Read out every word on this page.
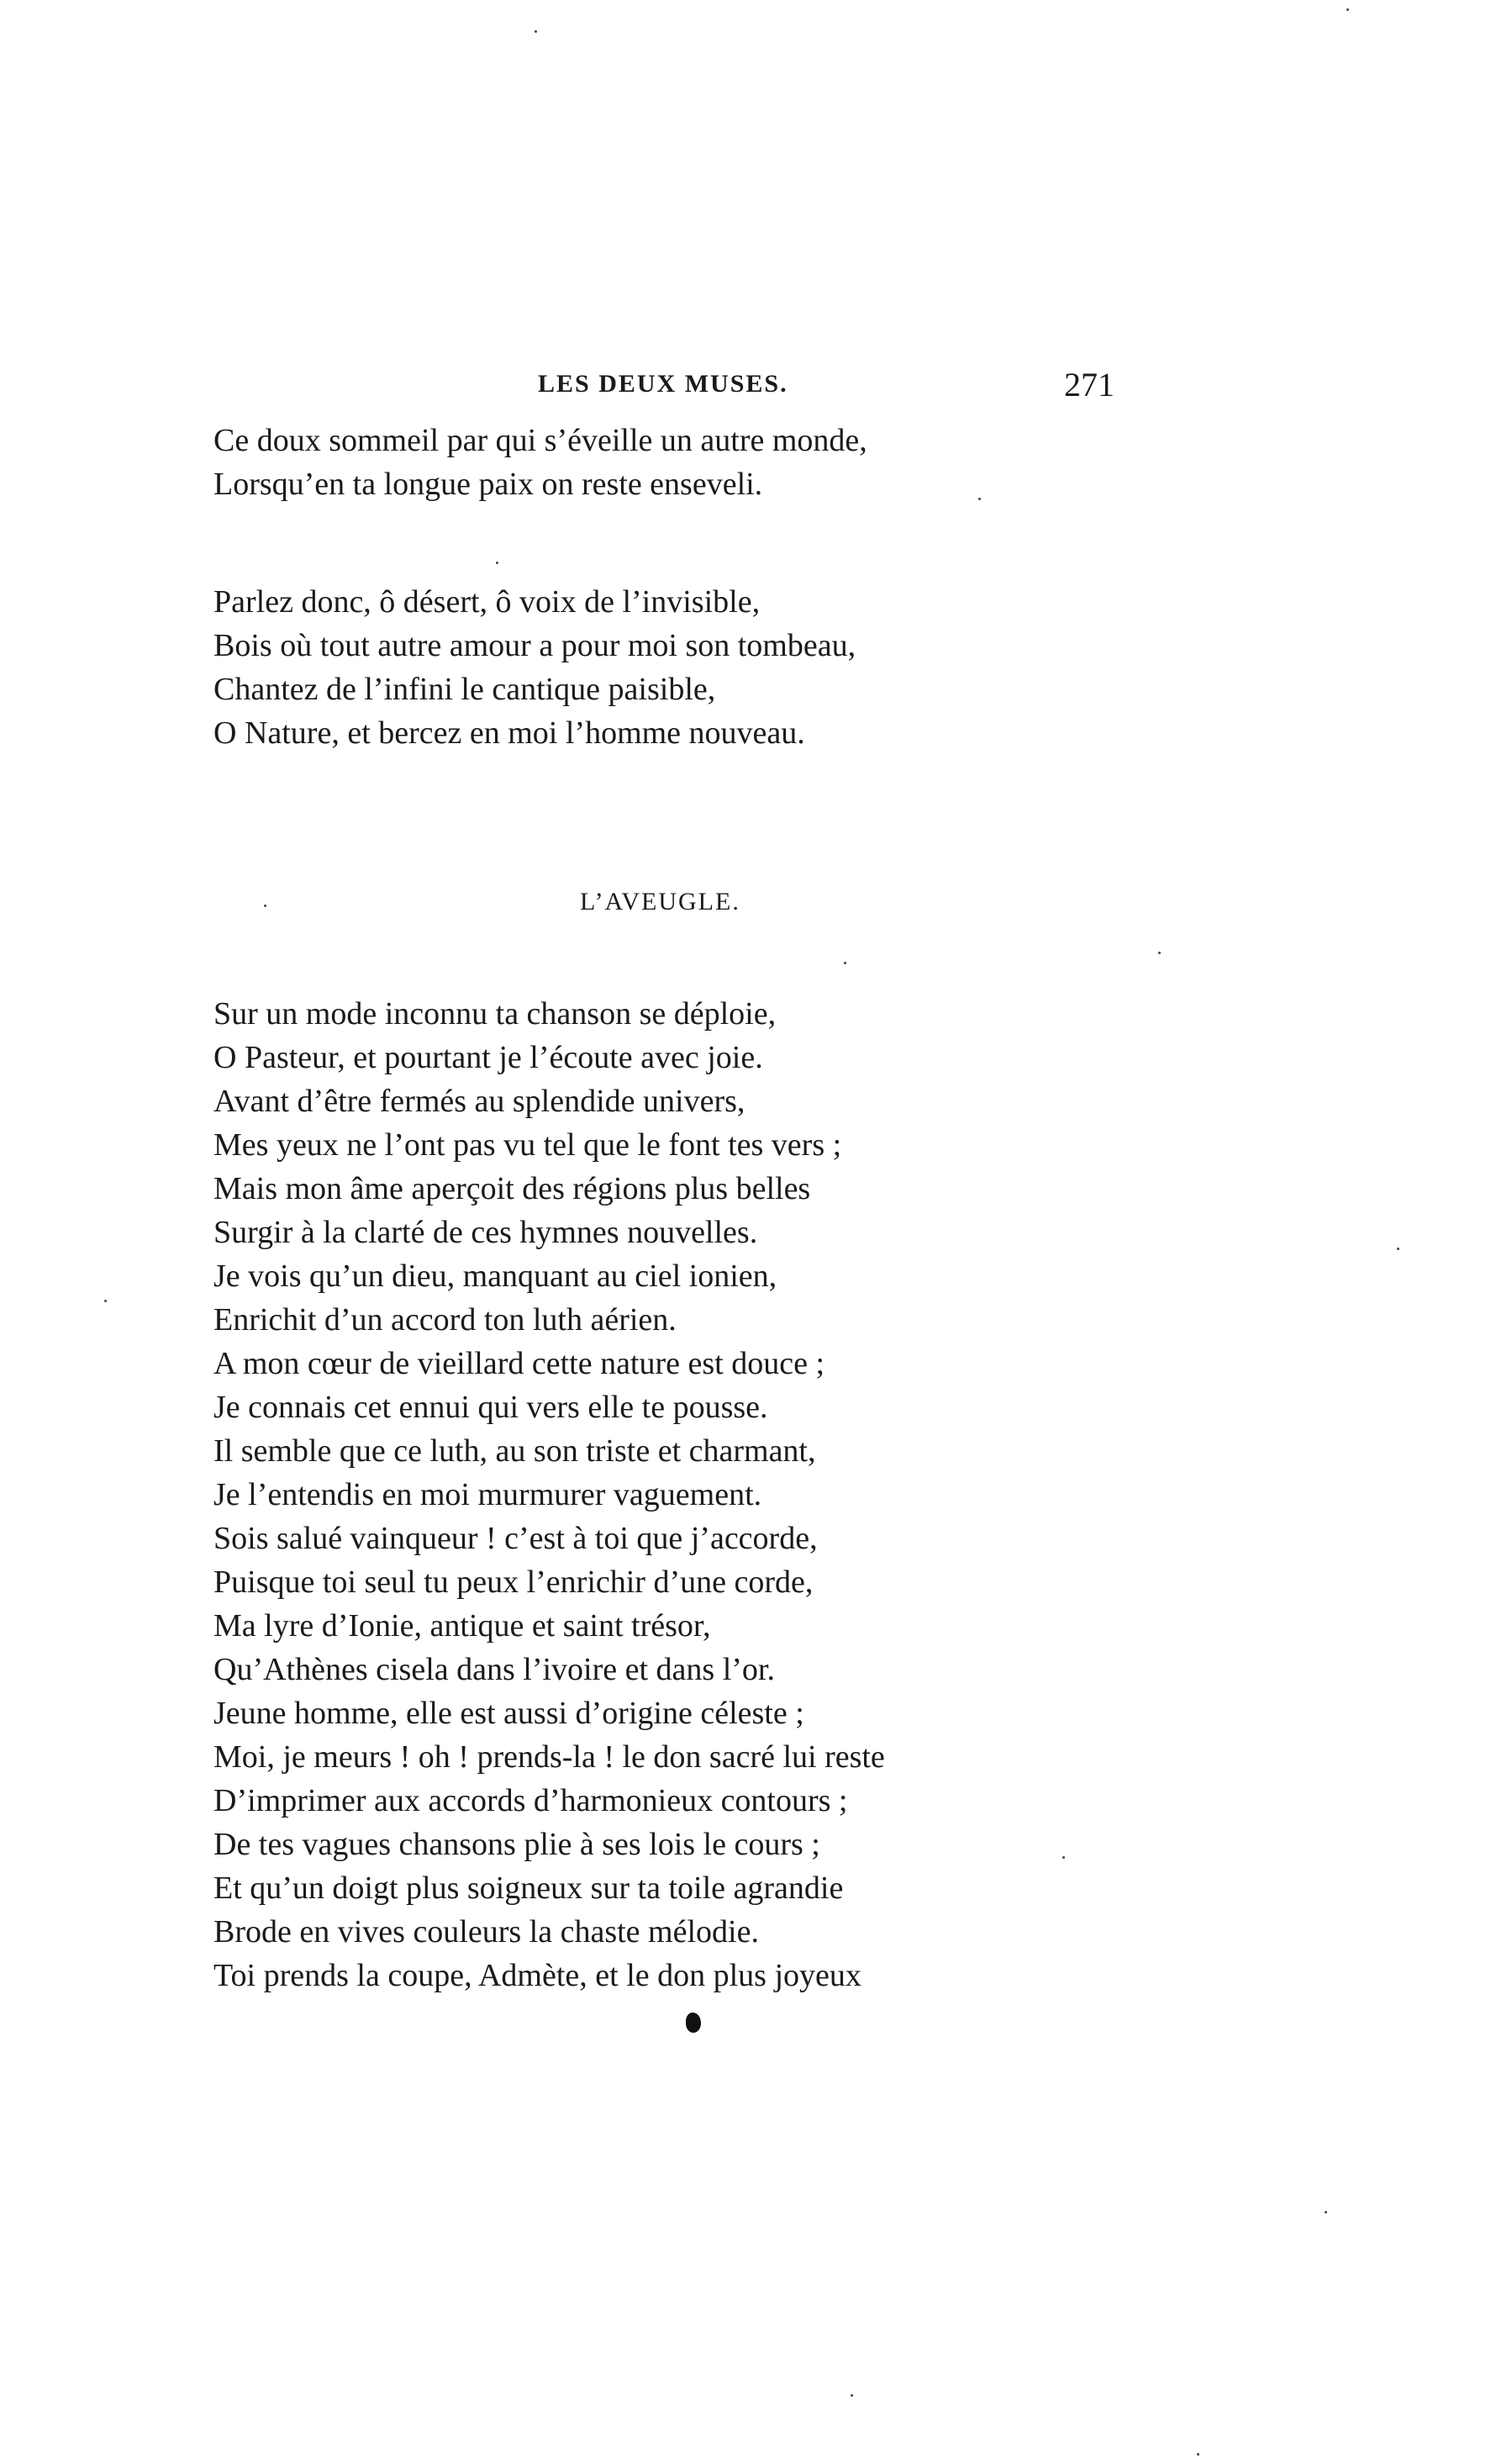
LES DEUX MUSES.	271
Ce doux sommeil par qui s’éveille un autre monde,
Lorsqu’en ta longue paix on reste enseveli.
Parlez donc, ô désert, ô voix de l’invisible,
Bois où tout autre amour a pour moi son tombeau,
Chantez de l’infini le cantique paisible,
O Nature, et bercez en moi l’homme nouveau.
L’AVEUGLE.
Sur un mode inconnu ta chanson se déploie,
O Pasteur, et pourtant je l’écoute avec joie.
Avant d’être fermés au splendide univers,
Mes yeux ne l’ont pas vu tel que le font tes vers ;
Mais mon âme aperçoit des régions plus belles
Surgir à la clarté de ces hymnes nouvelles.
Je vois qu’un dieu, manquant au ciel ionien,
Enrichit d’un accord ton luth aérien.
A mon cœur de vieillard cette nature est douce ;
Je connais cet ennui qui vers elle te pousse.
Il semble que ce luth, au son triste et charmant,
Je l’entendis en moi murmurer vaguement.
Sois salué vainqueur ! c’est à toi que j’accorde,
Puisque toi seul tu peux l’enrichir d’une corde,
Ma lyre d’Ionie, antique et saint trésor,
Qu’Athènes cisela dans l’ivoire et dans l’or.
Jeune homme, elle est aussi d’origine céleste ;
Moi, je meurs ! oh ! prends-la ! le don sacré lui reste
D’imprimer aux accords d’harmonieux contours ;
De tes vagues chansons plie à ses lois le cours ;
Et qu’un doigt plus soigneux sur ta toile agrandie
Brode en vives couleurs la chaste mélodie.
Toi prends la coupe, Admète, et le don plus joyeux
